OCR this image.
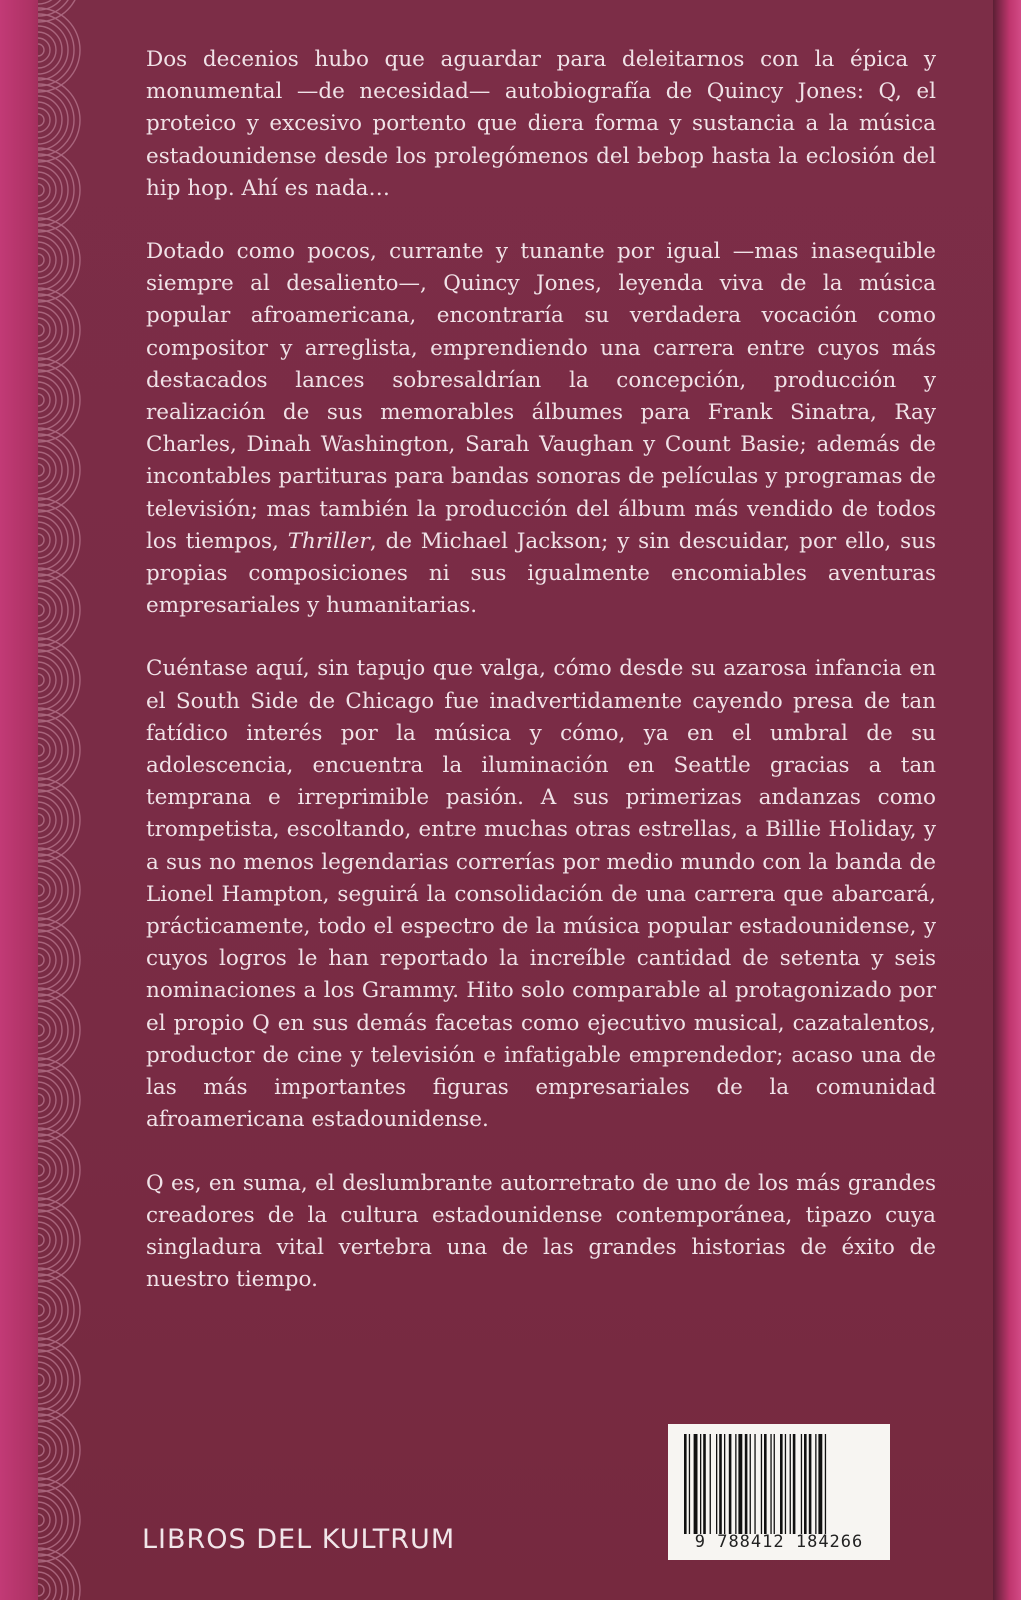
Dos decenios hubo que aguardar para deleitarnos con la épica y monumental —de necesidad— autobiografía de Quincy Jones: Q, el proteico y excesivo portento que diera forma y sustancia a la música estadounidense desde los prolegómenos del bebop hasta la eclosión del hip hop. Ahí es nada…

Dotado como pocos, currante y tunante por igual —mas inasequible siempre al desaliento—, Quincy Jones, leyenda viva de la música popular afroamericana, encontraría su verdadera vocación como compositor y arreglista, emprendiendo una carrera entre cuyos más destacados lances sobresaldrían la concepción, producción y realización de sus memorables álbumes para Frank Sinatra, Ray Charles, Dinah Washington, Sarah Vaughan y Count Basie; además de incontables partituras para bandas sonoras de películas y programas de televisión; mas también la producción del álbum más vendido de todos los tiempos, Thriller, de Michael Jackson; y sin descuidar, por ello, sus propias composiciones ni sus igualmente encomiables aventuras empresariales y humanitarias.

Cuéntase aquí, sin tapujo que valga, cómo desde su azarosa infancia en el South Side de Chicago fue inadvertidamente cayendo presa de tan fatídico interés por la música y cómo, ya en el umbral de su adolescencia, encuentra la iluminación en Seattle gracias a tan temprana e irreprimible pasión. A sus primerizas andanzas como trompetista, escoltando, entre muchas otras estrellas, a Billie Holiday, y a sus no menos legendarias correrías por medio mundo con la banda de Lionel Hampton, seguirá la consolidación de una carrera que abarcará, prácticamente, todo el espectro de la música popular estadounidense, y cuyos logros le han reportado la increíble cantidad de setenta y seis nominaciones a los Grammy. Hito solo comparable al protagonizado por el propio Q en sus demás facetas como ejecutivo musical, cazatalentos, productor de cine y televisión e infatigable emprendedor; acaso una de las más importantes figuras empresariales de la comunidad afroamericana estadounidense.

Q es, en suma, el deslumbrante autorretrato de uno de los más grandes creadores de la cultura estadounidense contemporánea, tipazo cuya singladura vital vertebra una de las grandes historias de éxito de nuestro tiempo.

LIBROS DEL KULTRUM	9 788412 184266
